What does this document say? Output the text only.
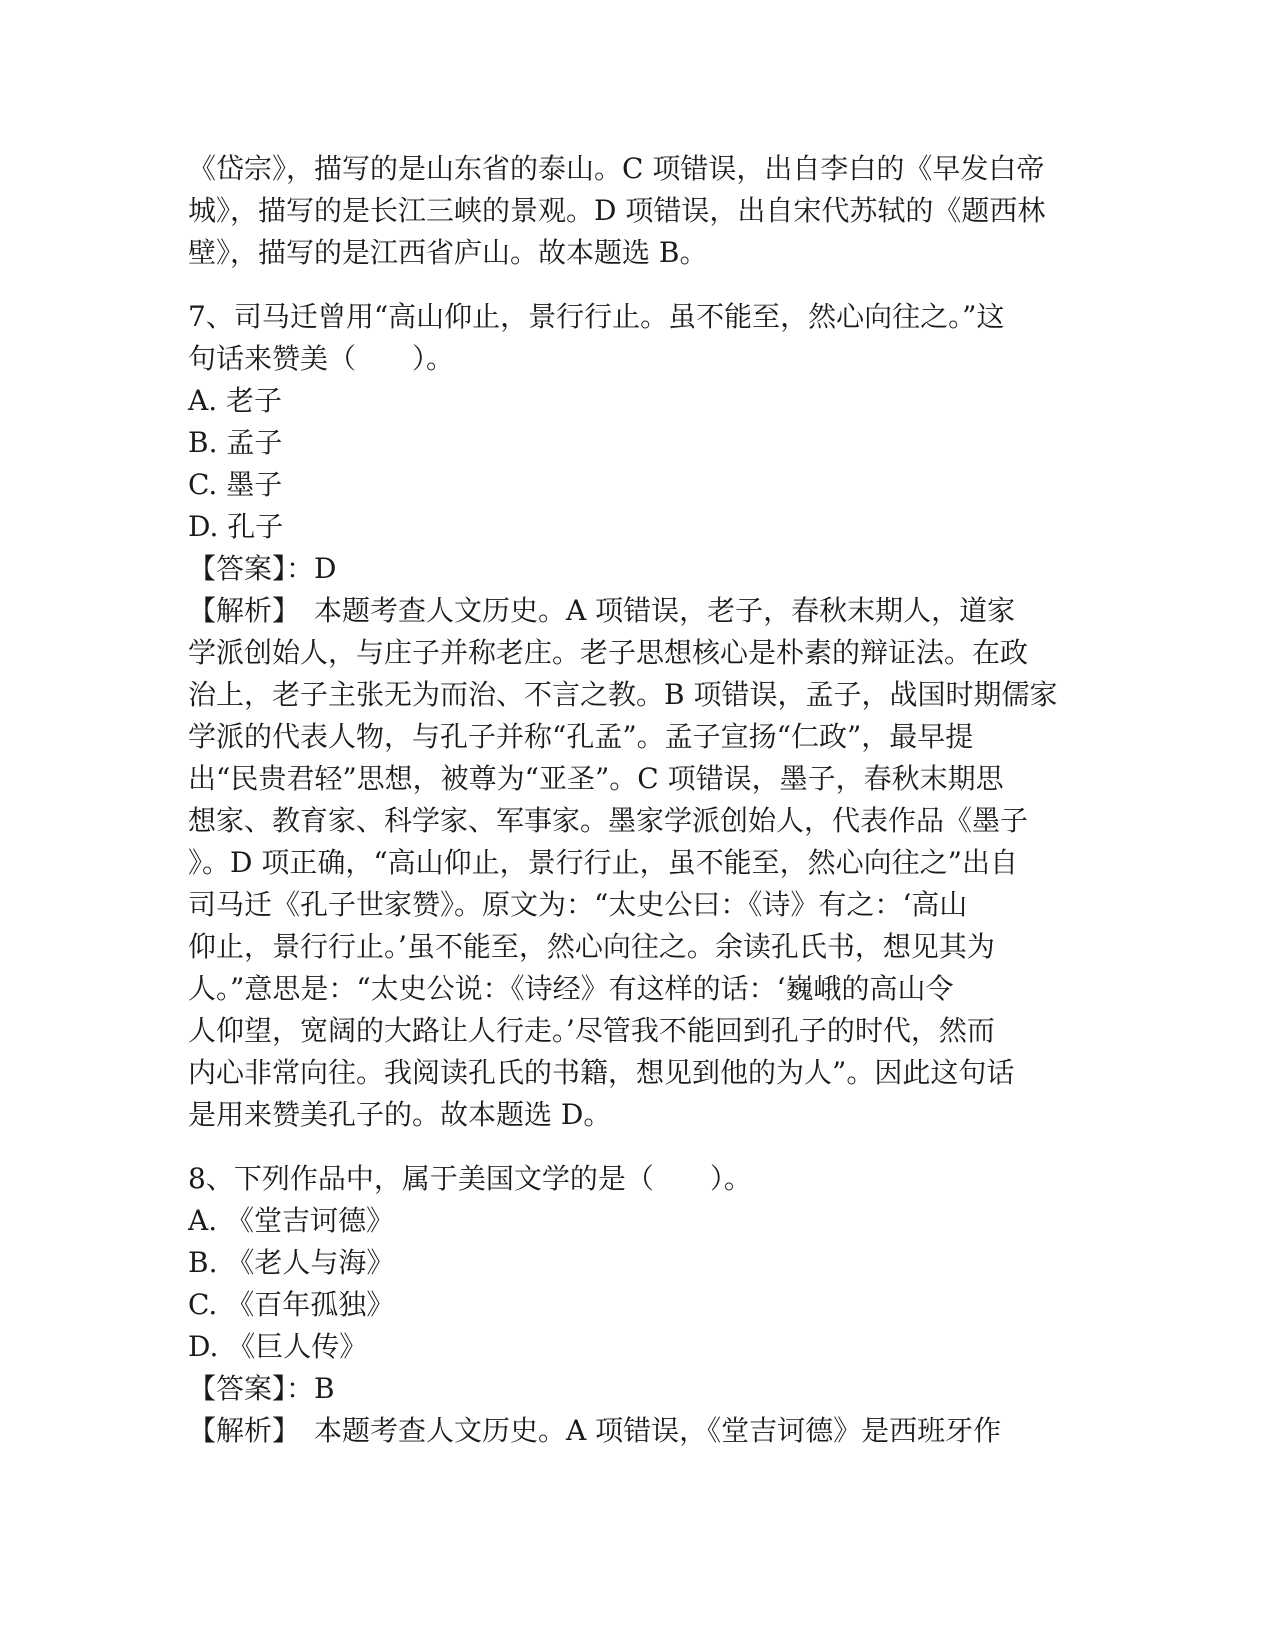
《岱宗》，描写的是山东省的泰山。C 项错误，出自李白的《早发白帝

城》，描写的是长江三峡的景观。D 项错误，出自宋代苏轼的《题西林

壁》，描写的是江西省庐山。故本题选 B。

7、司马迁曾用“高山仰止，景行行止。虽不能至，然心向往之。”这

句话来赞美（　　）。

A. 老子

B. 孟子

C. 墨子

D. 孔子

【答案】：D

【解析】　本题考查人文历史。A 项错误，老子，春秋末期人，道家

学派创始人，与庄子并称老庄。老子思想核心是朴素的辩证法。在政

治上，老子主张无为而治、不言之教。B 项错误，孟子，战国时期儒家

学派的代表人物，与孔子并称“孔孟”。孟子宣扬“仁政”，最早提

出“民贵君轻”思想，被尊为“亚圣”。C 项错误，墨子，春秋末期思

想家、教育家、科学家、军事家。墨家学派创始人，代表作品《墨子

》。D 项正确，“高山仰止，景行行止，虽不能至，然心向往之”出自

司马迁《孔子世家赞》。原文为：“太史公曰：《诗》有之：‘高山

仰止，景行行止。’虽不能至，然心向往之。余读孔氏书，想见其为

人。”意思是：“太史公说：《诗经》有这样的话：‘巍峨的高山令

人仰望，宽阔的大路让人行走。’尽管我不能回到孔子的时代，然而

内心非常向往。我阅读孔氏的书籍，想见到他的为人”。因此这句话

是用来赞美孔子的。故本题选 D。

8、下列作品中，属于美国文学的是（　　）。

A. 《堂吉诃德》

B. 《老人与海》

C. 《百年孤独》

D. 《巨人传》

【答案】：B

【解析】　本题考查人文历史。A 项错误，《堂吉诃德》是西班牙作
